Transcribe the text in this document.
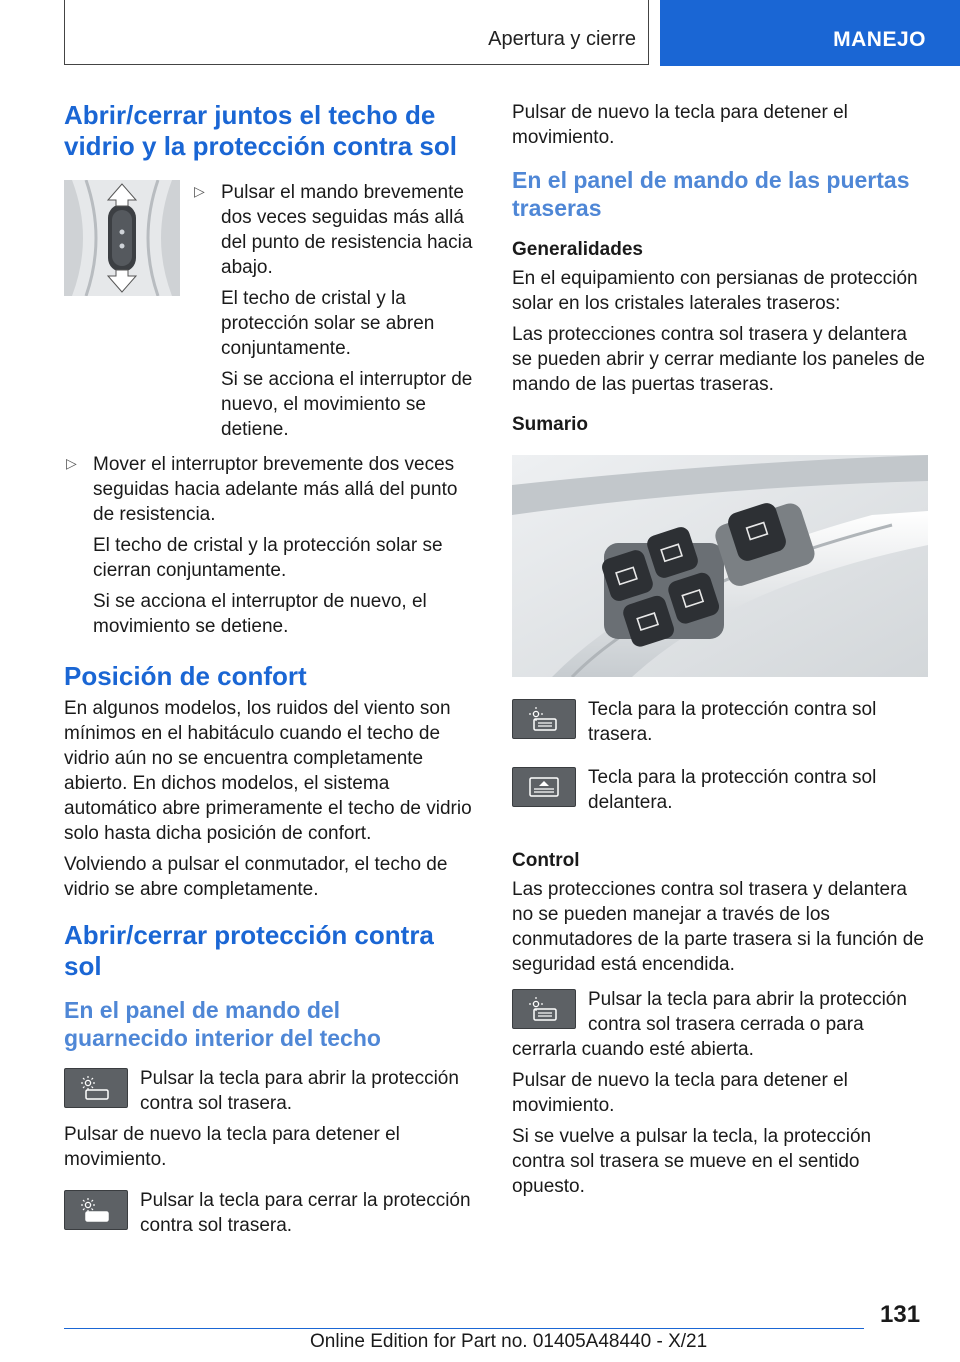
Apertura y cierre	MANEJO
Abrir/cerrar juntos el techo de vidrio y la protección contra sol
▷ Pulsar el mando brevemente dos veces seguidas más allá del punto de resistencia hacia abajo.

El techo de cristal y la protección solar se abren conjuntamente.

Si se acciona el interruptor de nuevo, el movimiento se detiene.

▷ Mover el interruptor brevemente dos veces seguidas hacia adelante más allá del punto de resistencia.

El techo de cristal y la protección solar se cierran conjuntamente.

Si se acciona el interruptor de nuevo, el movimiento se detiene.

Posición de confort

En algunos modelos, los ruidos del viento son mínimos en el habitáculo cuando el techo de vidrio aún no se encuentra completamente abierto. En dichos modelos, el sistema automático abre primeramente el techo de vidrio solo hasta dicha posición de confort.

Volviendo a pulsar el conmutador, el techo de vidrio se abre completamente.

Abrir/cerrar protección contra sol
En el panel de mando del guarnecido interior del techo

Pulsar la tecla para abrir la protección contra sol trasera.

Pulsar de nuevo la tecla para detener el movimiento.

Pulsar la tecla para cerrar la protección contra sol trasera.

Pulsar de nuevo la tecla para detener el movimiento.

En el panel de mando de las puertas traseras
Generalidades

En el equipamiento con persianas de protección solar en los cristales laterales traseros:

Las protecciones contra sol trasera y delantera se pueden abrir y cerrar mediante los paneles de mando de las puertas traseras.

Sumario

Tecla para la protección contra sol trasera.

Tecla para la protección contra sol delantera.

Control

Las protecciones contra sol trasera y delantera no se pueden manejar a través de los conmutadores de la parte trasera si la función de seguridad está encendida.

Pulsar la tecla para abrir la protección contra sol trasera cerrada o para cerrarla cuando esté abierta.

Pulsar de nuevo la tecla para detener el movimiento.

Si se vuelve a pulsar la tecla, la protección contra sol trasera se mueve en el sentido opuesto.

131
Online Edition for Part no. 01405A48440 - X/21
